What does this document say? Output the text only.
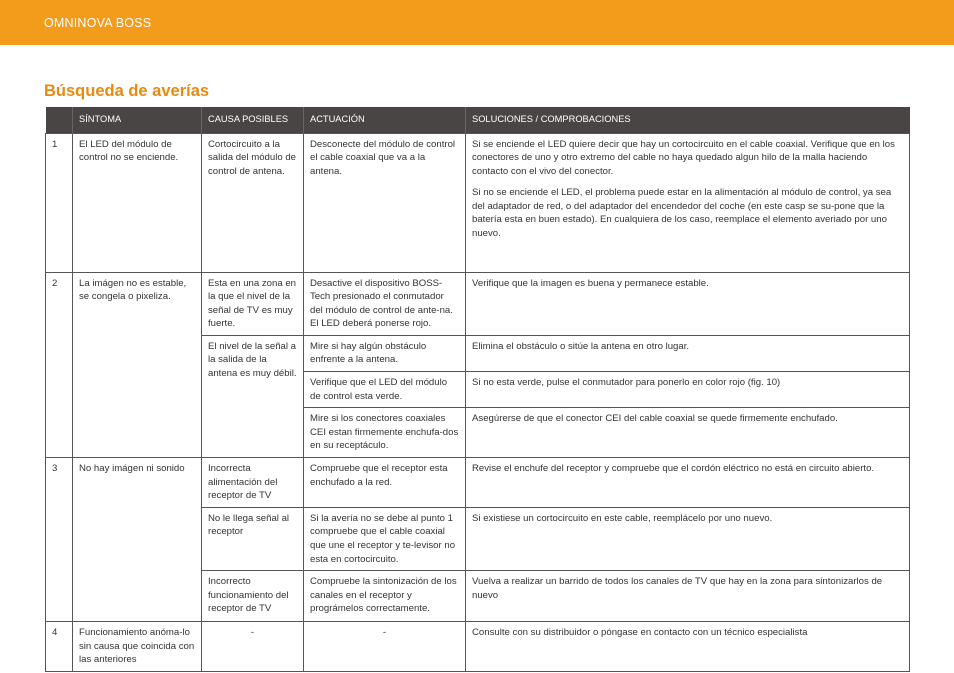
OMNINOVA BOSS
Búsqueda de averías
	SÍNTOMA	CAUSA POSIBLES	ACTUACIÓN	SOLUCIONES / COMPROBACIONES
1	El LED del módulo de control no se enciende.	Cortocircuito a la salida del módulo de control de antena.	Desconecte del módulo de control el cable coaxial que va a la antena.	Si se enciende el LED quiere decir que hay un cortocircuito en el cable coaxial. Verifique que en los conectores de uno y otro extremo del cable no haya quedado algun hilo de la malla haciendo contacto con el vivo del conector.
Si no se enciende el LED, el problema puede estar en la alimentación al módulo de control, ya sea del adaptador de red, o del adaptador del encendedor del coche (en este casp se su-pone que la batería esta en buen estado). En cualquiera de los caso, reemplace el elemento averiado por uno nuevo.

2	La imágen no es estable, se congela o pixeliza.	Esta en una zona en la que el nivel de la señal de TV es muy fuerte.	Desactive el dispositivo BOSS-Tech presionado el conmutador del módulo de control de ante-na. El LED deberá ponerse rojo.	Verifique que la imagen es buena y permanece estable.
		El nivel de la señal a la salida de la antena es muy débil.	Mire si hay algún obstáculo enfrente a la antena.	Elimina el obstáculo o sitúe la antena en otro lugar.
			Verifique que el LED del módulo de control esta verde.	Si no esta verde, pulse el conmutador para ponerlo en color rojo (fig. 10)
			Mire si los conectores coaxiales CEI estan firmemente enchufa-dos en su receptáculo.	Asegúrerse de que el conector CEI del cable coaxial se quede firmemente enchufado.
3	No hay imágen ni sonido	Incorrecta alimentación del receptor de TV	Compruebe que el receptor esta enchufado a la red.	Revise el enchufe del receptor y compruebe que el cordón eléctrico no está en circuito abierto.
		No le llega señal al receptor	Si la avería no se debe al punto 1 compruebe que el cable coaxial que une el receptor y te-levisor no esta en cortocircuito.	Si existiese un cortocircuito en este cable, reemplácelo por uno nuevo.
		Incorrecto funcionamiento del receptor de TV	Compruebe la sintonización de los canales en el receptor y prográmelos correctamente.	Vuelva a realizar un barrido de todos los canales de TV que hay en la zona para sintonizarlos de nuevo
4	Funcionamiento anóma-lo sin causa que coincida con las anteriores	-	-	Consulte con su distribuidor o póngase en contacto con un técnico especialista
